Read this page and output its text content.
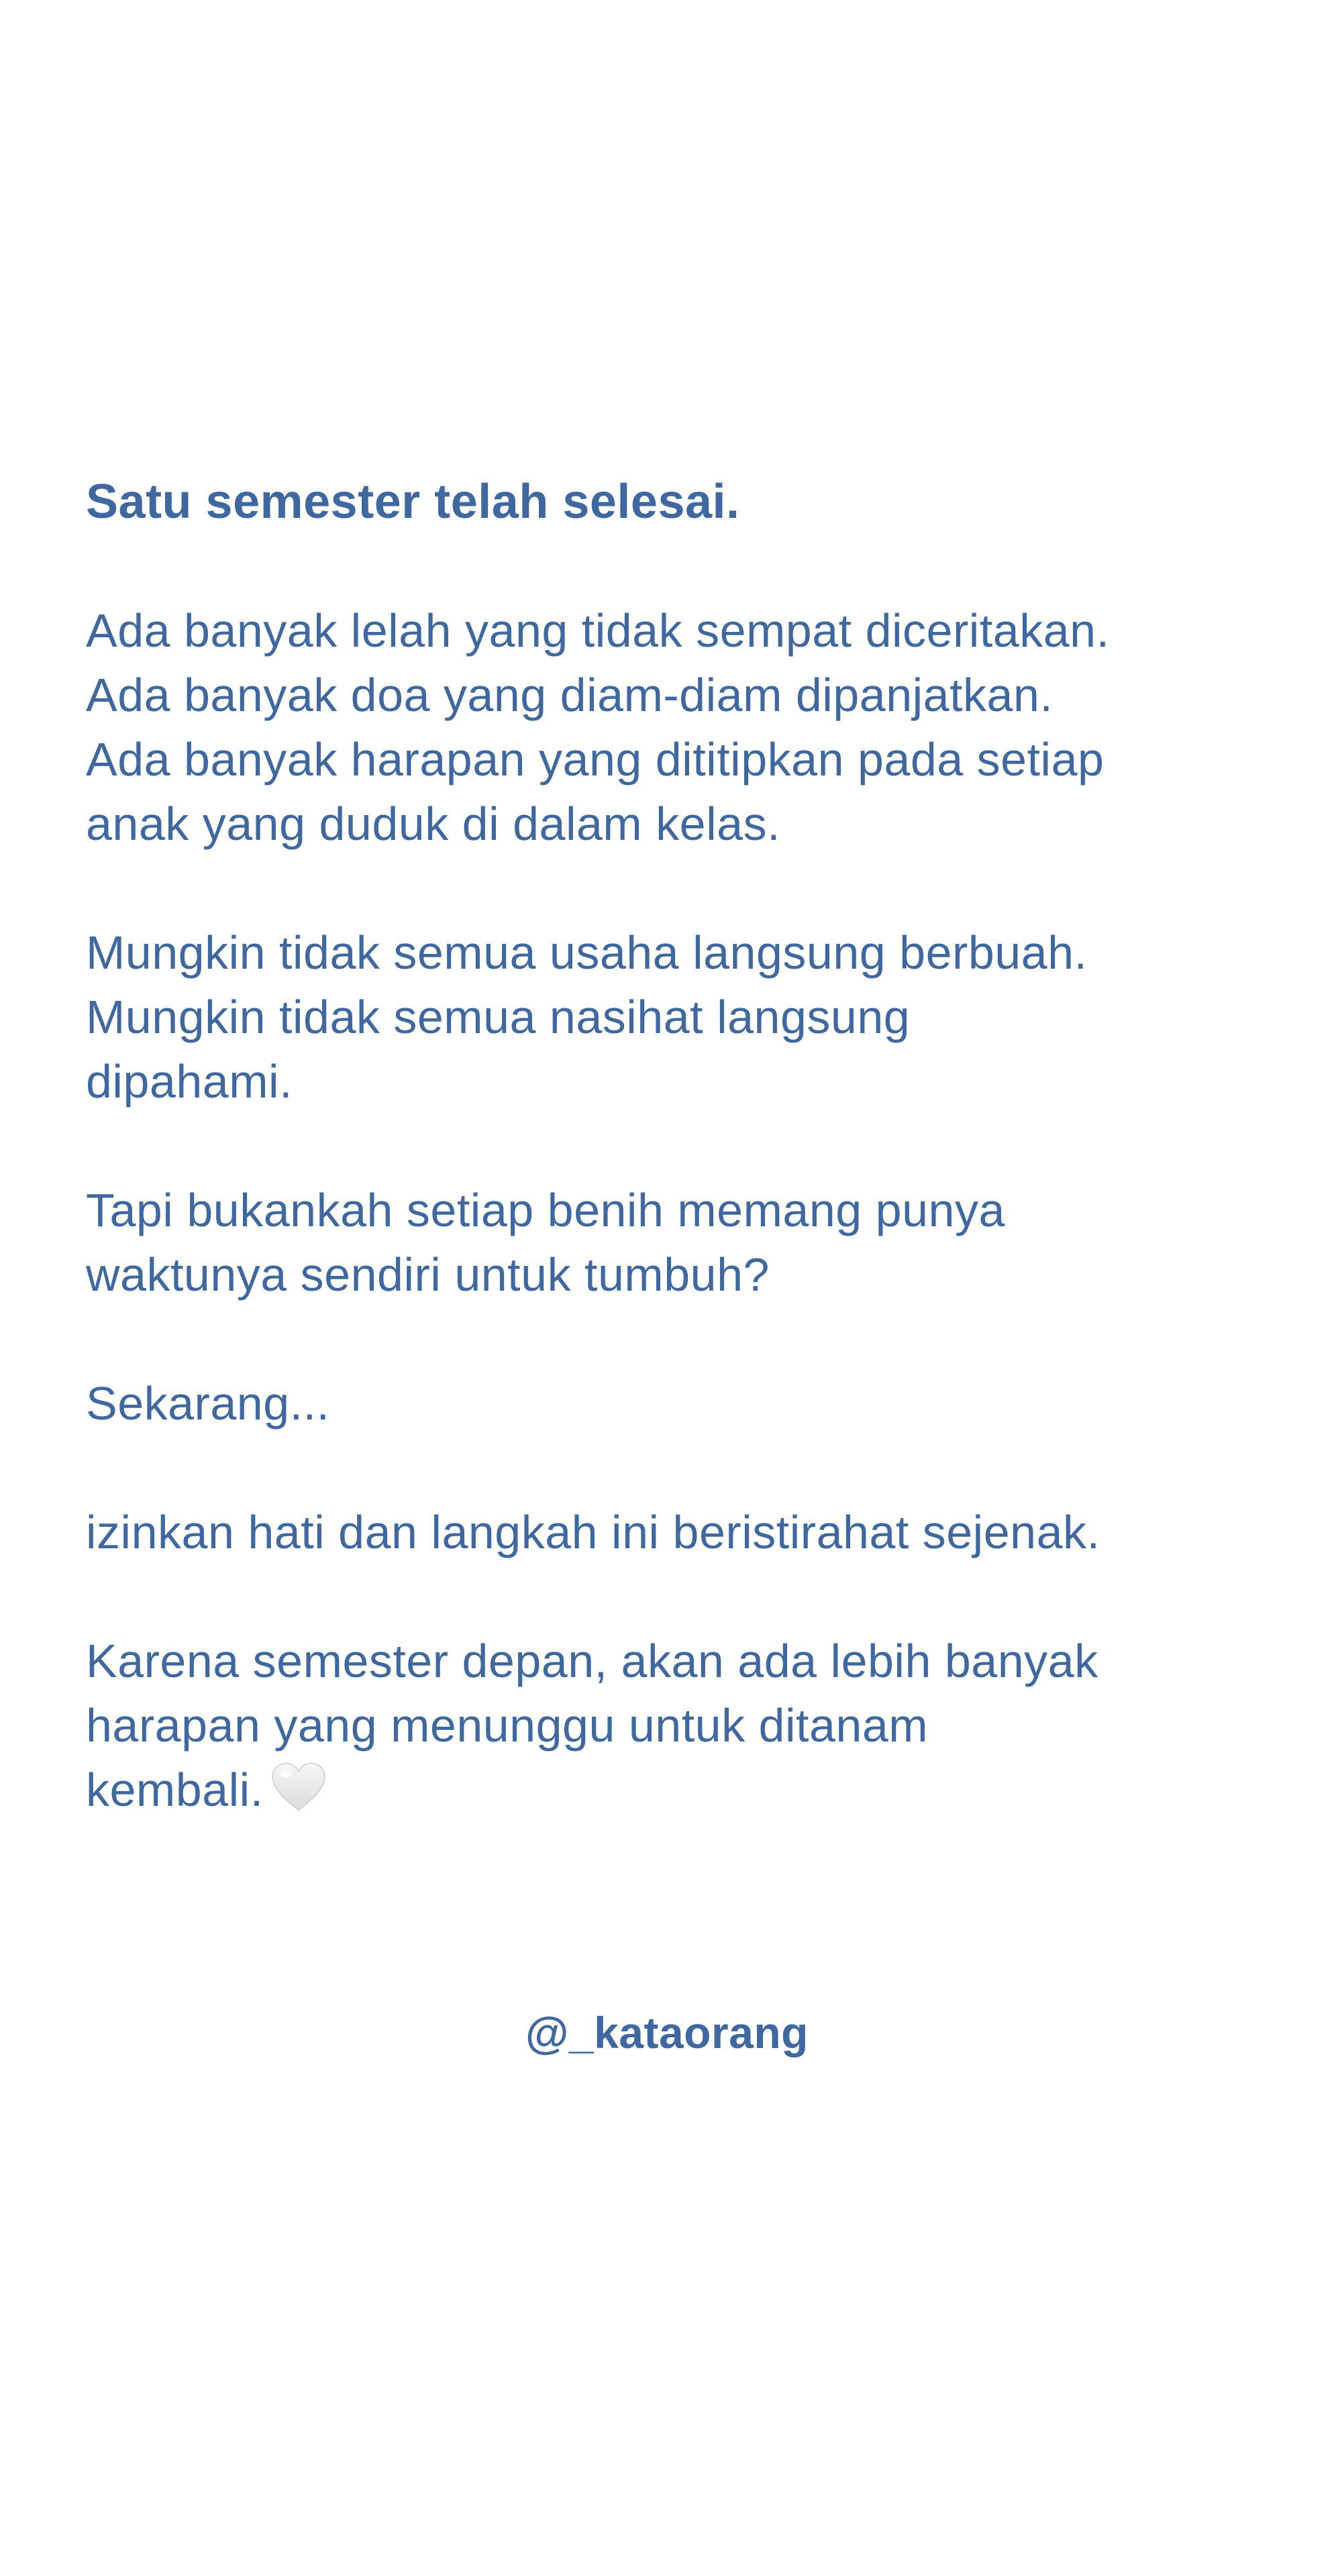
Satu semester telah selesai.
Ada banyak lelah yang tidak sempat diceritakan.
Ada banyak doa yang diam-diam dipanjatkan.
Ada banyak harapan yang dititipkan pada setiap
anak yang duduk di dalam kelas.
Mungkin tidak semua usaha langsung berbuah.
Mungkin tidak semua nasihat langsung
dipahami.
Tapi bukankah setiap benih memang punya
waktunya sendiri untuk tumbuh?
Sekarang...
izinkan hati dan langkah ini beristirahat sejenak.
Karena semester depan, akan ada lebih banyak
harapan yang menunggu untuk ditanam
kembali.
@_kataorang
